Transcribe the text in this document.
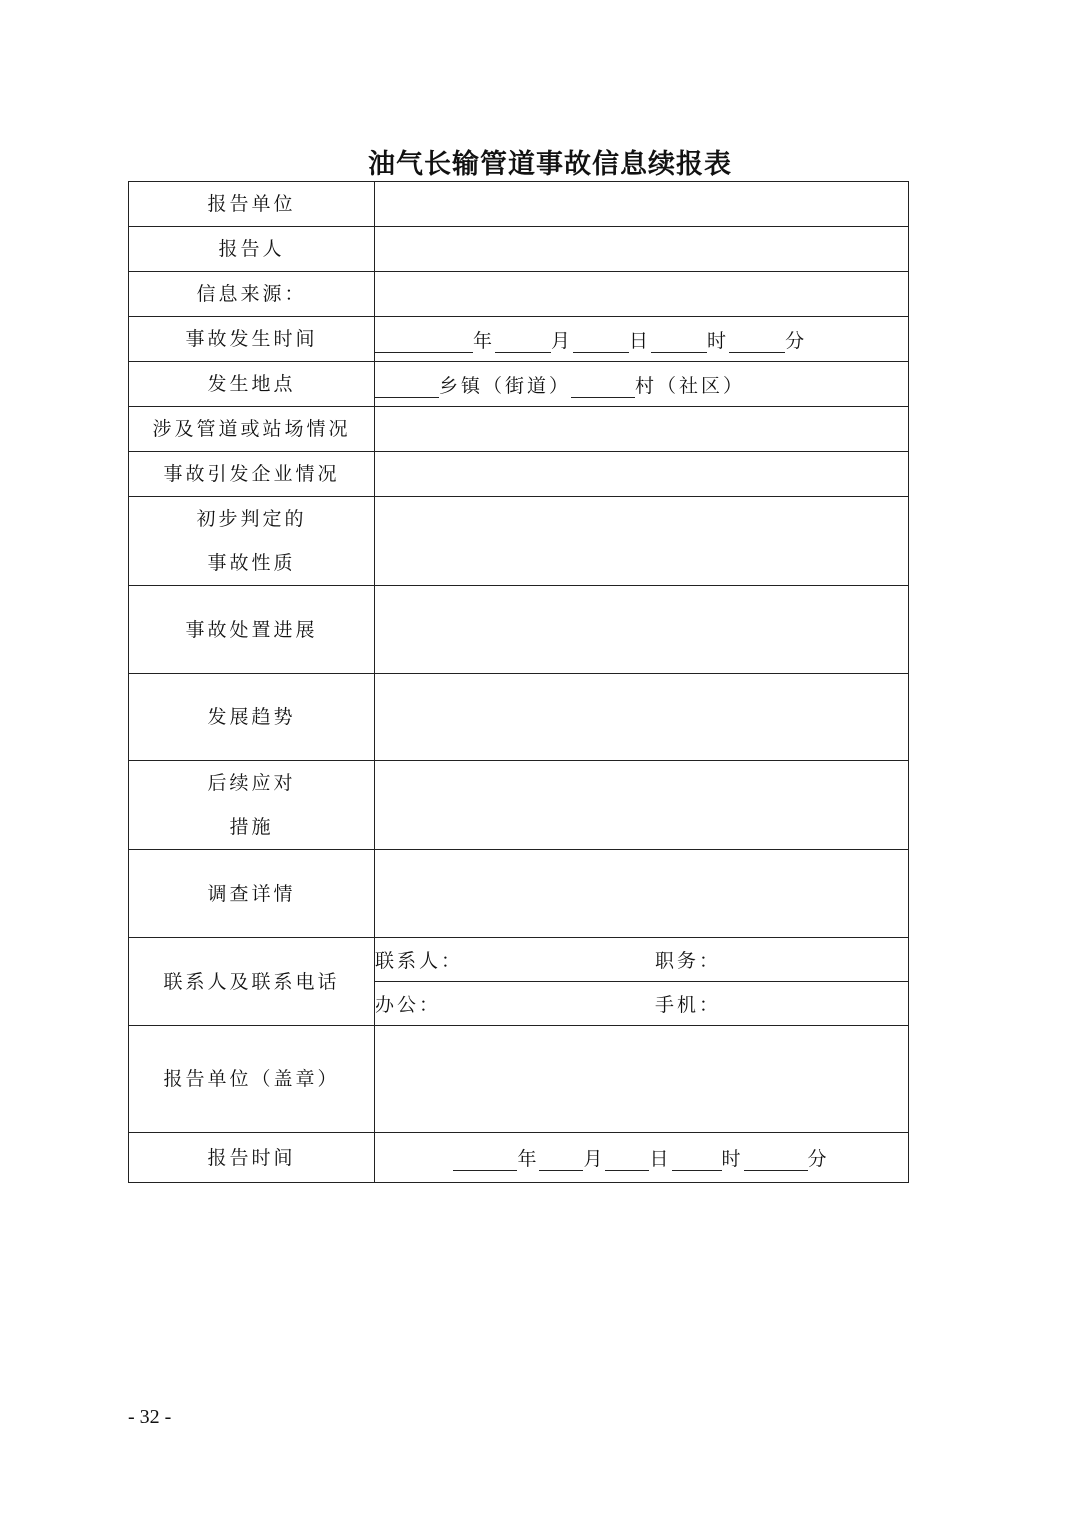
油气长输管道事故信息续报表
报告单位	
报告人	
信息来源：	
事故发生时间	年 月 日 时 分
发生地点	乡镇（街道） 村（社区）
涉及管道或站场情况	
事故引发企业情况	

初步判定的
事故性质	

事故处置进展	
发展趋势	

后续应对
措施	

调查详情	
联系人及联系电话	联系人： 职务：
	办公： 手机：
报告单位（盖章）	
报告时间	年 月 日 时 分
- 32 -
